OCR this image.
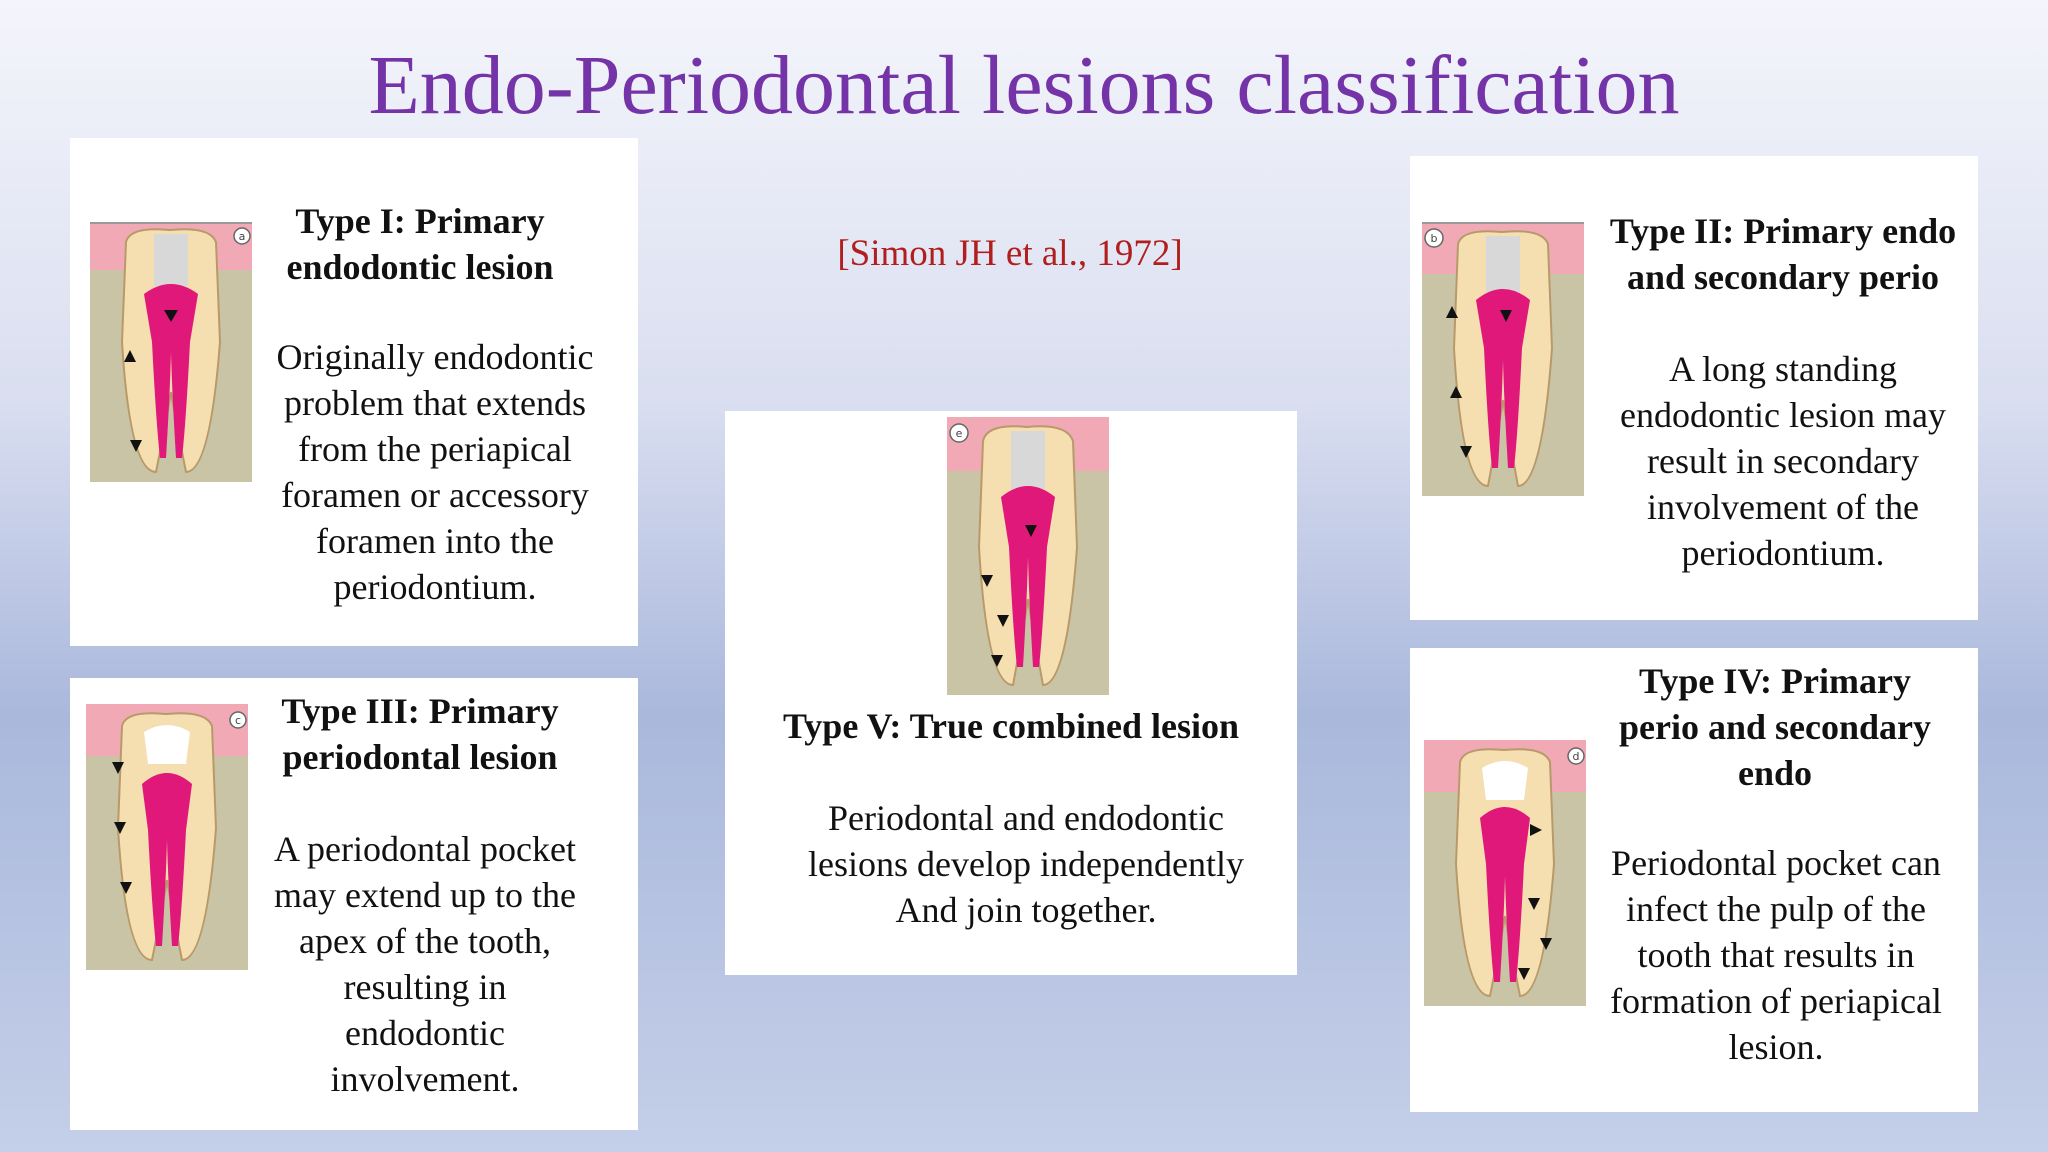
Endo-Periodontal lesions classification
[Simon JH et al., 1972]
a	Type I: Primary endodontic lesion
Originally endodontic problem that extends from the periapical foramen or accessory foramen into the periodontium.
c	Type III: Primary periodontal lesion
A periodontal pocket may extend up to the apex of the tooth, resulting in endodontic involvement.
e
Type V: True combined lesion
Periodontal and endodontic lesions develop independently And join together.
b	Type II: Primary endo and secondary perio
A long standing endodontic lesion may result in secondary involvement of the periodontium.
d
Type IV: Primary perio and secondary endo
Periodontal pocket can infect the pulp of the tooth that results in formation of periapical lesion.
